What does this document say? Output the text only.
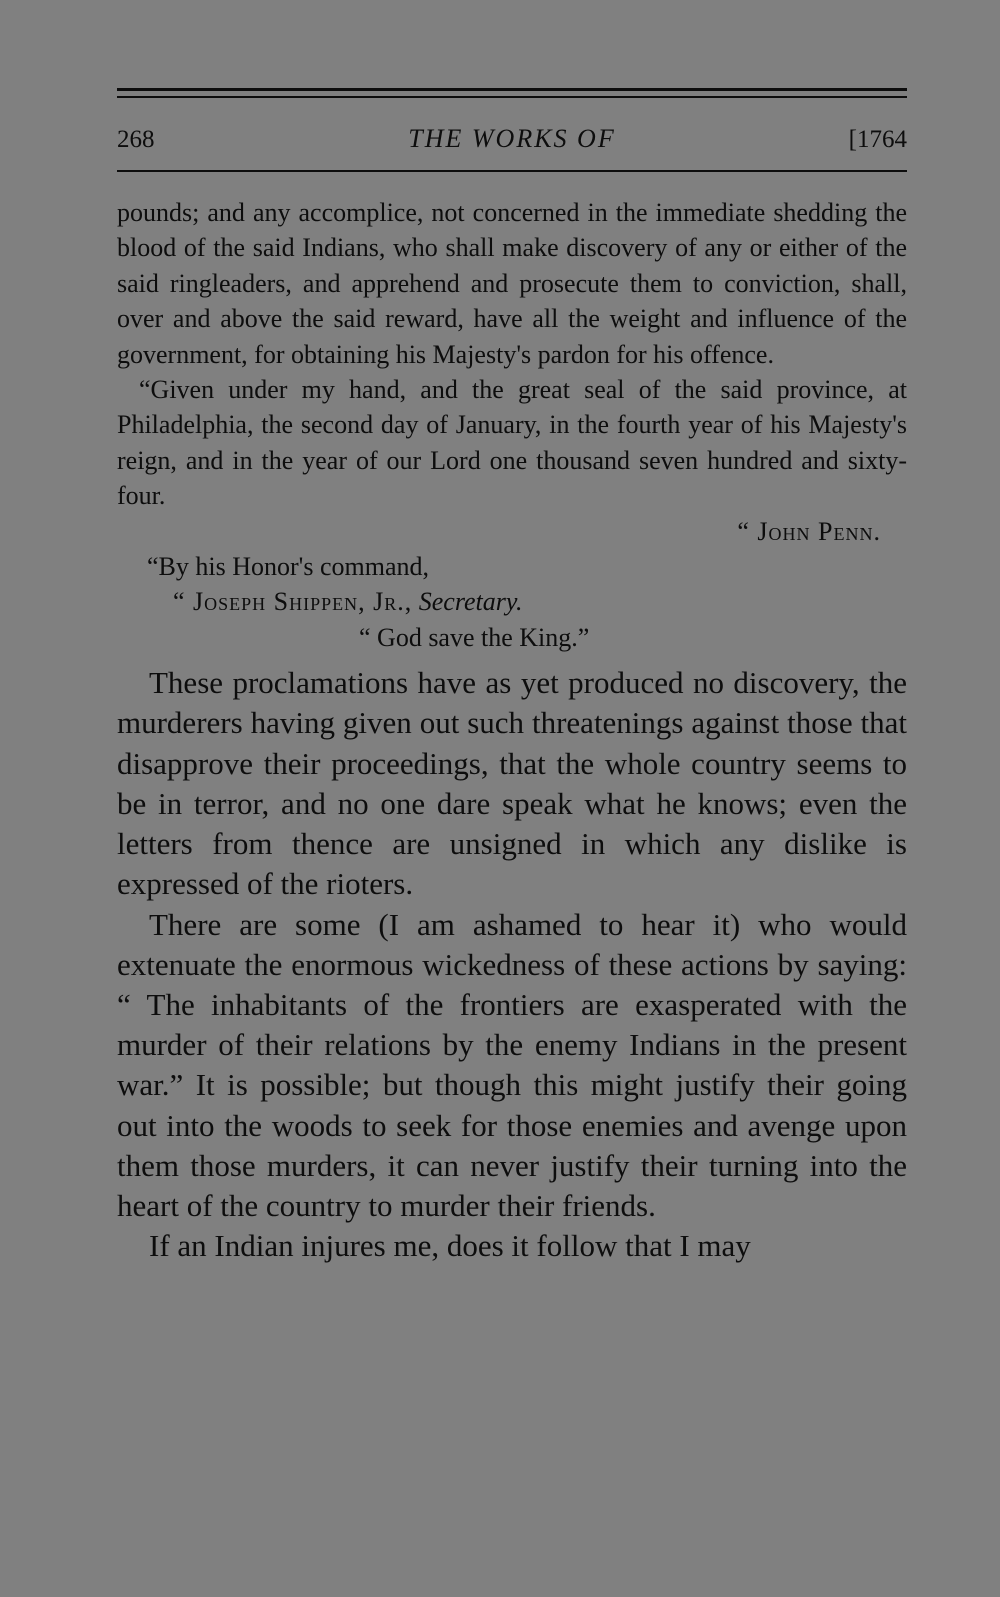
268	THE WORKS OF	[1764

pounds; and any accomplice, not concerned in the immediate shedding the blood of the said Indians, who shall make discovery of any or either of the said ringleaders, and apprehend and prosecute them to conviction, shall, over and above the said reward, have all the weight and influence of the government, for obtaining his Majesty's pardon for his offence.

“Given under my hand, and the great seal of the said province, at Philadelphia, the second day of January, in the fourth year of his Majesty's reign, and in the year of our Lord one thousand seven hundred and sixty-four.

“ John Penn.

“By his Honor's command,

“ Joseph Shippen, Jr., Secretary.

“ God save the King.”

These proclamations have as yet produced no discovery, the murderers having given out such threatenings against those that disapprove their proceedings, that the whole country seems to be in terror, and no one dare speak what he knows; even the letters from thence are unsigned in which any dislike is expressed of the rioters.

There are some (I am ashamed to hear it) who would extenuate the enormous wickedness of these actions by saying: “ The inhabitants of the frontiers are exasperated with the murder of their relations by the enemy Indians in the present war.” It is possible; but though this might justify their going out into the woods to seek for those enemies and avenge upon them those murders, it can never justify their turning into the heart of the country to murder their friends.

If an Indian injures me, does it follow that I may
